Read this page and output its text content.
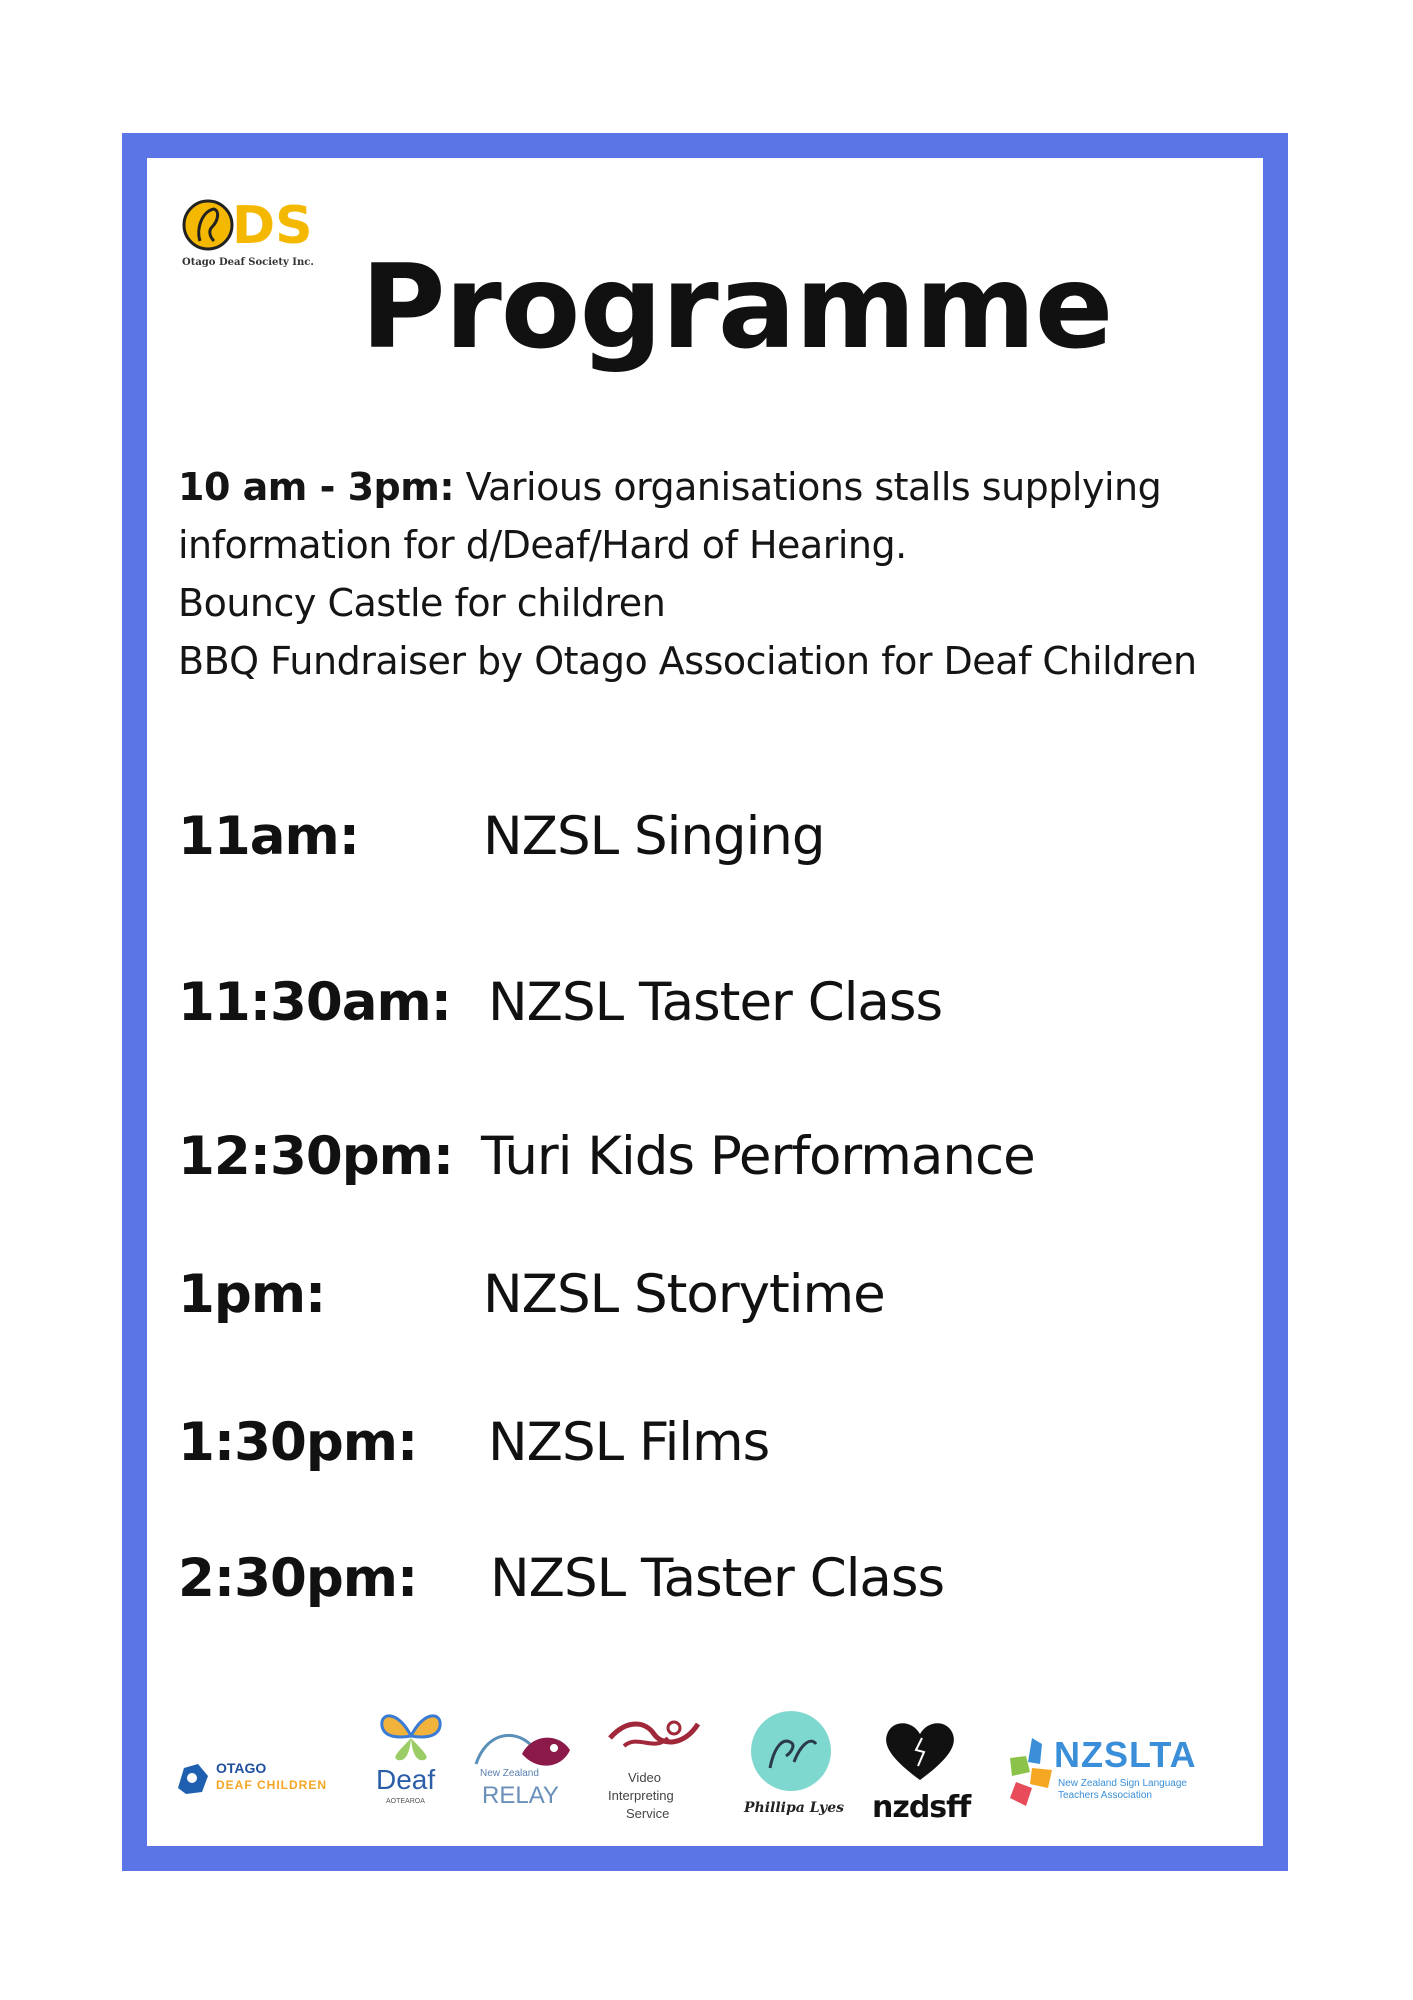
DS
Otago Deaf Society Inc. Programme
10 am - 3pm: Various organisations stalls supplying
information for d/Deaf/Hard of Hearing.
Bouncy Castle for children
BBQ Fundraiser by Otago Association for Deaf Children
11am: NZSL Singing
11:30am: NZSL Taster Class
12:30pm: Turi Kids Performance
1pm:	NZSL Storytime
1:30pm: NZSL Films
2:30pm: NZSL Taster Class
OTAGO
DEAF CHILDREN Deaf
AOTEAROA
New Zealand
RELAY
Video
Interpreting
Service	Phillipa Lyes nzdsff
NZSLTA
New Zealand Sign Language Teachers Association
